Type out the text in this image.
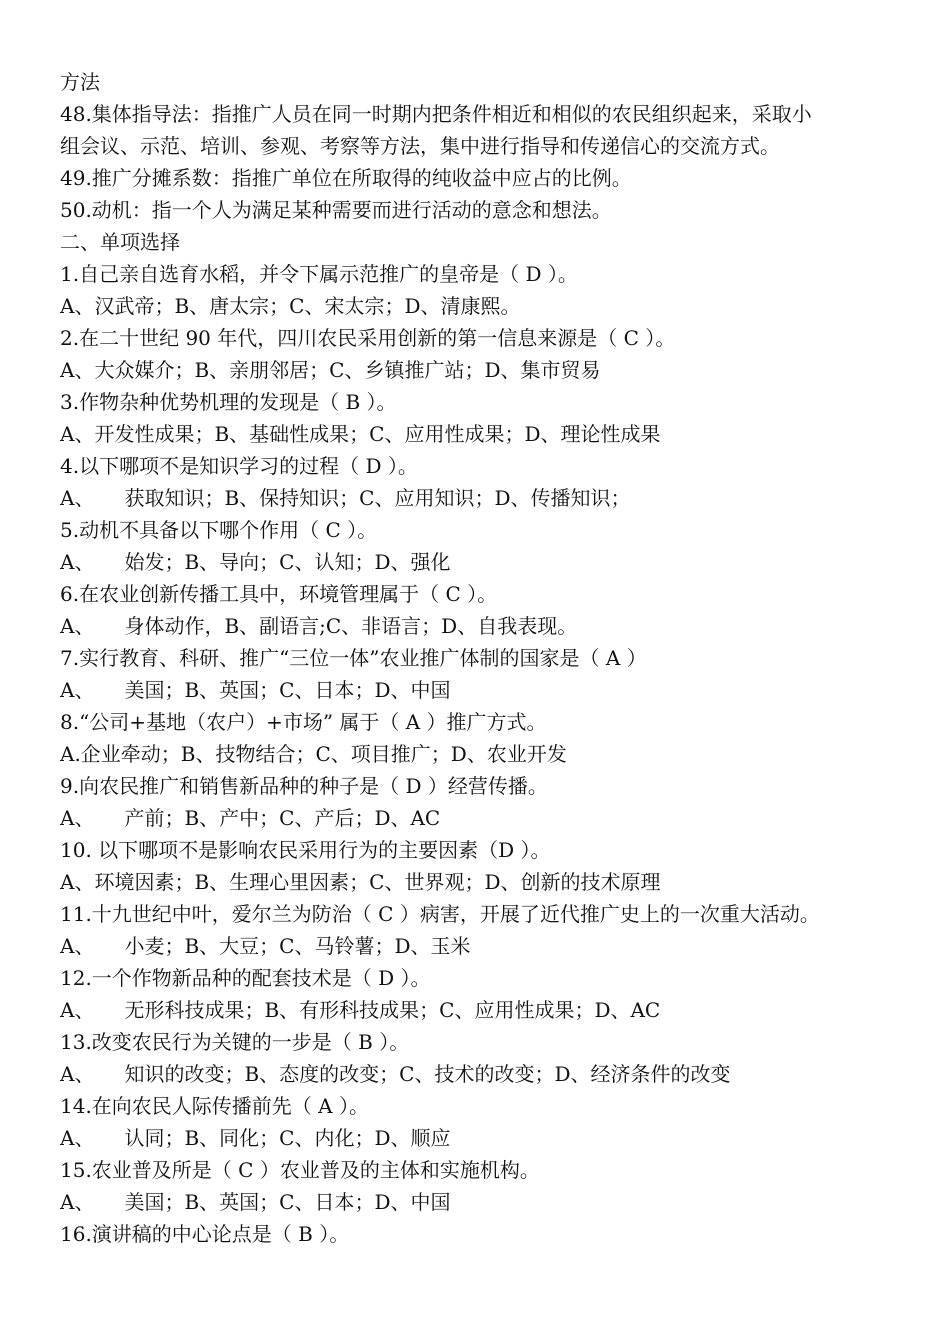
方法
48.集体指导法：指推广人员在同一时期内把条件相近和相似的农民组织起来，采取小
组会议、示范、培训、参观、考察等方法，集中进行指导和传递信心的交流方式。
49.推广分摊系数：指推广单位在所取得的纯收益中应占的比例。
50.动机：指一个人为满足某种需要而进行活动的意念和想法。
二、单项选择
1.自己亲自选育水稻，并令下属示范推广的皇帝是（ D ）。
A、汉武帝；B、唐太宗；C、宋太宗；D、清康熙。
2.在二十世纪 90 年代，四川农民采用创新的第一信息来源是（ C ）。
A、大众媒介；B、亲朋邻居；C、乡镇推广站；D、集市贸易
3.作物杂种优势机理的发现是（ B ）。
A、开发性成果；B、基础性成果；C、应用性成果；D、理论性成果
4.以下哪项不是知识学习的过程（ D ）。
A、　　获取知识；B、保持知识；C、应用知识；D、传播知识；
5.动机不具备以下哪个作用（ C ）。
A、　　始发；B、导向；C、认知；D、强化
6.在农业创新传播工具中，环境管理属于（ C ）。
A、　　身体动作，B、副语言;C、非语言；D、自我表现。
7.实行教育、科研、推广“三位一体”农业推广体制的国家是（ A ）
A、　　美国；B、英国；C、日本；D、中国
8.“公司+基地（农户）+市场” 属于（ A ）推广方式。
A.企业牵动；B、技物结合；C、项目推广；D、农业开发
9.向农民推广和销售新品种的种子是（ D ）经营传播。
A、　　产前；B、产中；C、产后；D、AC
10. 以下哪项不是影响农民采用行为的主要因素（D ）。
A、环境因素；B、生理心里因素；C、世界观；D、创新的技术原理
11.十九世纪中叶，爱尔兰为防治（ C ）病害，开展了近代推广史上的一次重大活动。
A、　　小麦；B、大豆；C、马铃薯；D、玉米
12.一个作物新品种的配套技术是（ D ）。
A、　　无形科技成果；B、有形科技成果；C、应用性成果；D、AC
13.改变农民行为关键的一步是（ B ）。
A、　　知识的改变；B、态度的改变；C、技术的改变；D、经济条件的改变
14.在向农民人际传播前先（ A ）。
A、　　认同；B、同化；C、内化；D、顺应
15.农业普及所是（ C ）农业普及的主体和实施机构。
A、　　美国；B、英国；C、日本；D、中国
16.演讲稿的中心论点是（ B ）。
